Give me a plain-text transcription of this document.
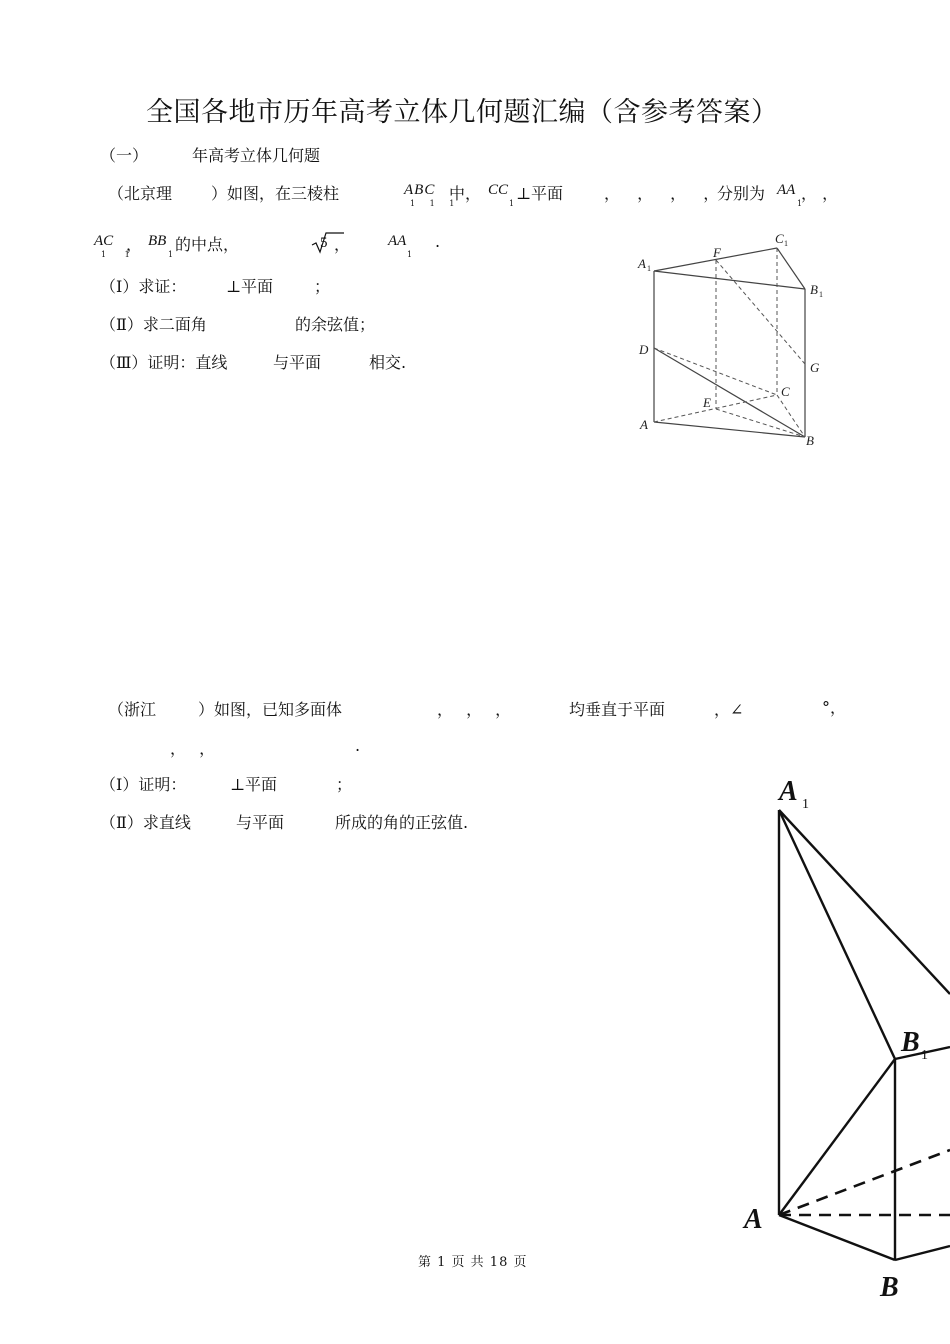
全国各地市历年高考立体几何题汇编（含参考答案）
（一）	年高考立体几何题
（北京理 ）如图，在三棱柱	ABC
1 1 1
中， CC
1
⊥平面	， ， ， ，
分别为 AA
1
， ，
AC
1 1
， BB
1
的中点，	5 ，	AA
1
.
（Ⅰ）求证： ⊥平面	；
（Ⅱ）求二面角	的余弦值；
（Ⅲ）证明：直线	与平面	相交.
A 1
C 1
B 1
F
D
G
C
E
A
B
（浙江	）如图，已知多面体	， ， ，	均垂直于平面	，∠	°，
， ，	.
（Ⅰ）证明：	⊥平面	；
（Ⅱ）求直线	与平面	所成的角的正弦值.
A 1
B 1
A
B
第 1 页 共 18 页
